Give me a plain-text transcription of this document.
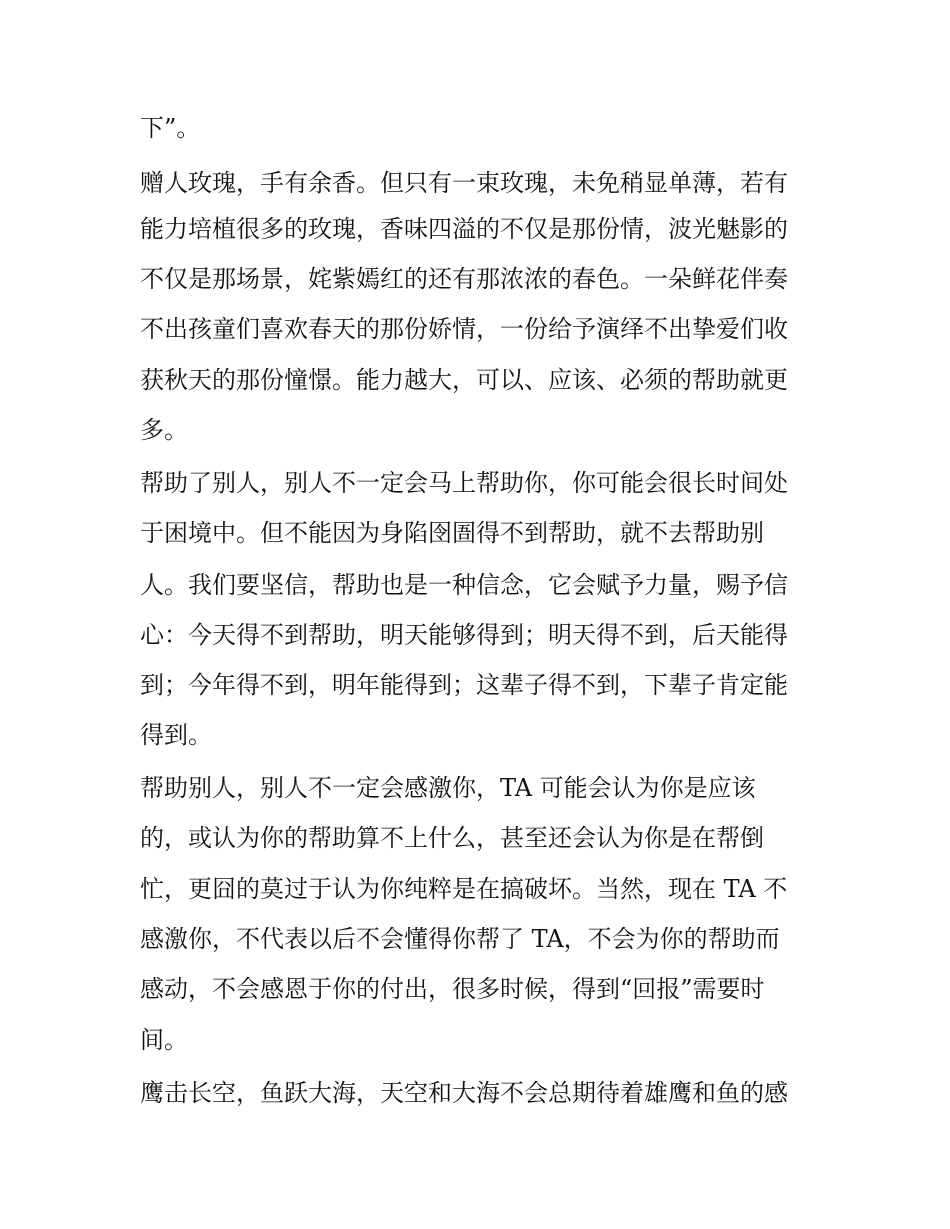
下”。
赠人玫瑰，手有余香。但只有一束玫瑰，未免稍显单薄，若有
能力培植很多的玫瑰，香味四溢的不仅是那份情，波光魅影的
不仅是那场景，姹紫嫣红的还有那浓浓的春色。一朵鲜花伴奏
不出孩童们喜欢春天的那份娇情，一份给予演绎不出挚爱们收
获秋天的那份憧憬。能力越大，可以、应该、必须的帮助就更
多。
帮助了别人，别人不一定会马上帮助你，你可能会很长时间处
于困境中。但不能因为身陷囹圄得不到帮助，就不去帮助别
人。我们要坚信，帮助也是一种信念，它会赋予力量，赐予信
心：今天得不到帮助，明天能够得到；明天得不到，后天能得
到；今年得不到，明年能得到；这辈子得不到，下辈子肯定能
得到。
帮助别人，别人不一定会感激你，TA 可能会认为你是应该
的，或认为你的帮助算不上什么，甚至还会认为你是在帮倒
忙，更囧的莫过于认为你纯粹是在搞破坏。当然，现在 TA 不
感激你，不代表以后不会懂得你帮了 TA，不会为你的帮助而
感动，不会感恩于你的付出，很多时候，得到“回报”需要时
间。
鹰击长空，鱼跃大海，天空和大海不会总期待着雄鹰和鱼的感
